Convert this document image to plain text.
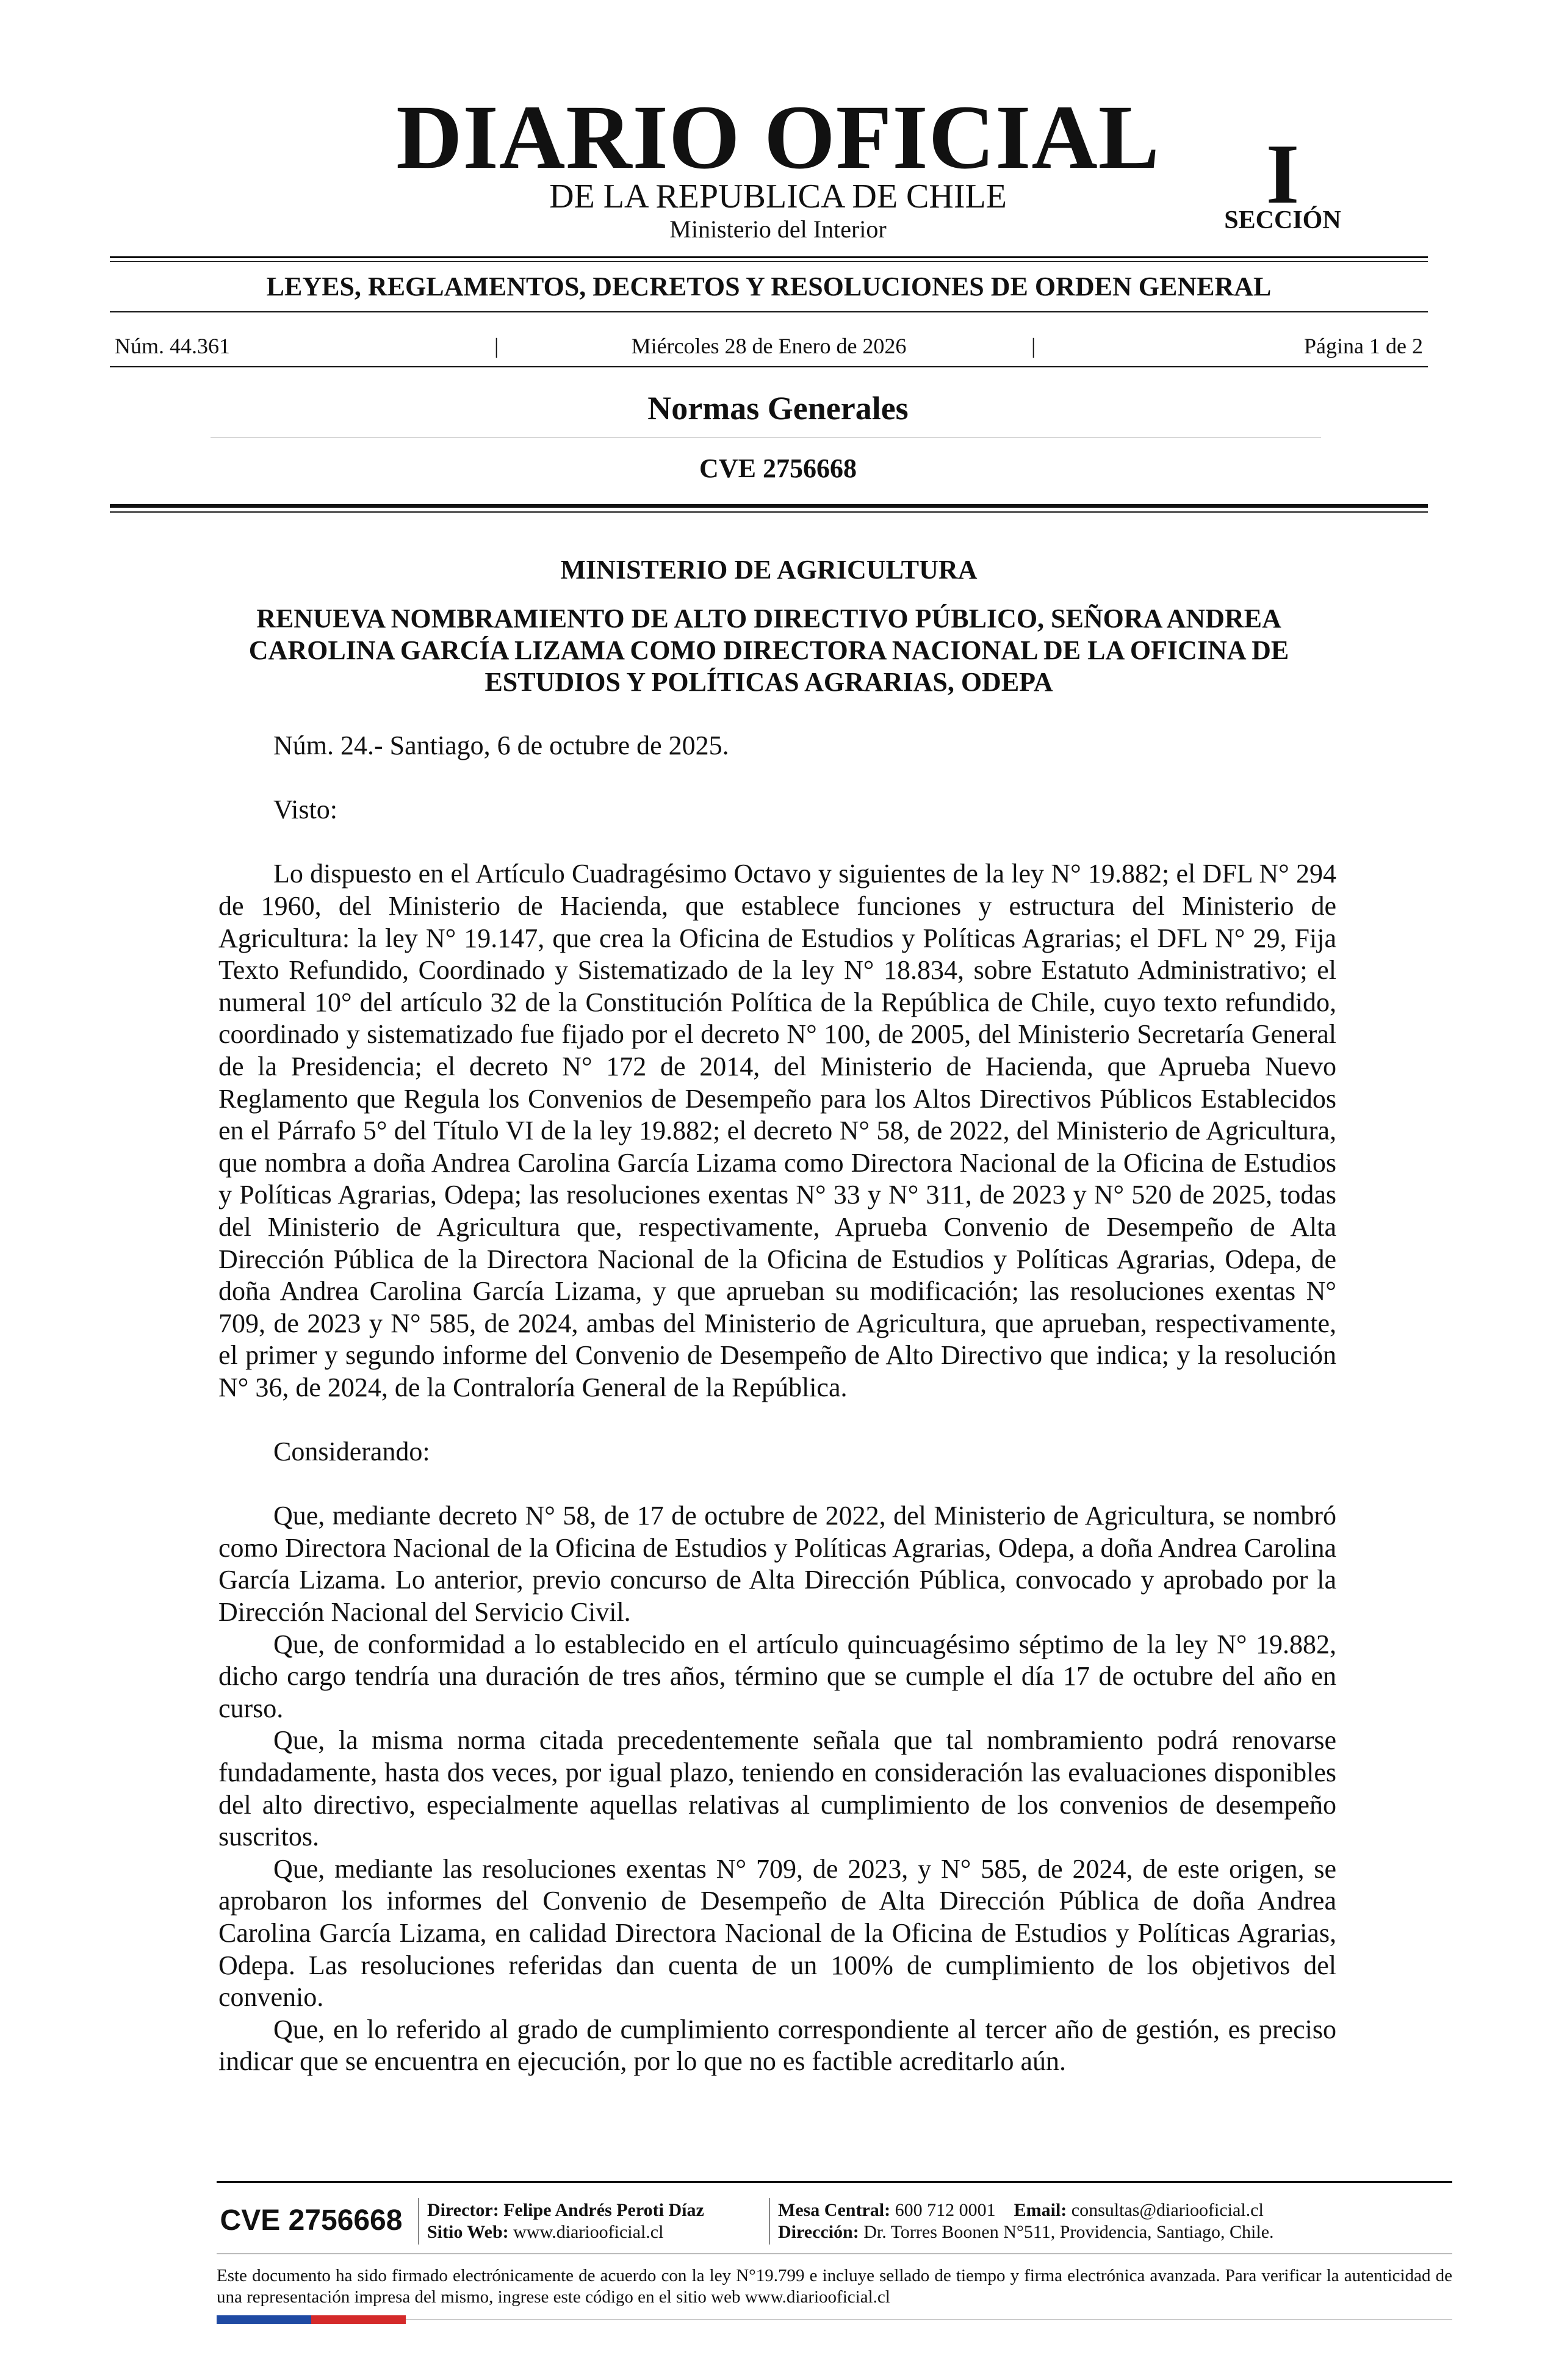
DIARIO OFICIAL
DE LA REPUBLICA DE CHILE
Ministerio del Interior
I
SECCIÓN
LEYES, REGLAMENTOS, DECRETOS Y RESOLUCIONES DE ORDEN GENERAL
Núm. 44.361	|	Miércoles 28 de Enero de 2026	|	Página 1 de 2
Normas Generales
CVE 2756668
MINISTERIO DE AGRICULTURA
RENUEVA NOMBRAMIENTO DE ALTO DIRECTIVO PÚBLICO, SEÑORA ANDREA CAROLINA GARCÍA LIZAMA COMO DIRECTORA NACIONAL DE LA OFICINA DE ESTUDIOS Y POLÍTICAS AGRARIAS, ODEPA

Núm. 24.- Santiago, 6 de octubre de 2025.

Visto:

Lo dispuesto en el Artículo Cuadragésimo Octavo y siguientes de la ley N° 19.882; el DFL N° 294 de 1960, del Ministerio de Hacienda, que establece funciones y estructura del Ministerio de Agricultura: la ley N° 19.147, que crea la Oficina de Estudios y Políticas Agrarias; el DFL N° 29, Fija Texto Refundido, Coordinado y Sistematizado de la ley N° 18.834, sobre Estatuto Administrativo; el numeral 10° del artículo 32 de la Constitución Política de la República de Chile, cuyo texto refundido, coordinado y sistematizado fue fijado por el decreto N° 100, de 2005, del Ministerio Secretaría General de la Presidencia; el decreto N° 172 de 2014, del Ministerio de Hacienda, que Aprueba Nuevo Reglamento que Regula los Convenios de Desempeño para los Altos Directivos Públicos Establecidos en el Párrafo 5° del Título VI de la ley 19.882; el decreto N° 58, de 2022, del Ministerio de Agricultura, que nombra a doña Andrea Carolina García Lizama como Directora Nacional de la Oficina de Estudios y Políticas Agrarias, Odepa; las resoluciones exentas N° 33 y N° 311, de 2023 y N° 520 de 2025, todas del Ministerio de Agricultura que, respectivamente, Aprueba Convenio de Desempeño de Alta Dirección Pública de la Directora Nacional de la Oficina de Estudios y Políticas Agrarias, Odepa, de doña Andrea Carolina García Lizama, y que aprueban su modificación; las resoluciones exentas N° 709, de 2023 y N° 585, de 2024, ambas del Ministerio de Agricultura, que aprueban, respectivamente, el primer y segundo informe del Convenio de Desempeño de Alto Directivo que indica; y la resolución N° 36, de 2024, de la Contraloría General de la República.

Considerando:

Que, mediante decreto N° 58, de 17 de octubre de 2022, del Ministerio de Agricultura, se nombró como Directora Nacional de la Oficina de Estudios y Políticas Agrarias, Odepa, a doña Andrea Carolina García Lizama. Lo anterior, previo concurso de Alta Dirección Pública, convocado y aprobado por la Dirección Nacional del Servicio Civil.

Que, de conformidad a lo establecido en el artículo quincuagésimo séptimo de la ley N° 19.882, dicho cargo tendría una duración de tres años, término que se cumple el día 17 de octubre del año en curso.

Que, la misma norma citada precedentemente señala que tal nombramiento podrá renovarse fundadamente, hasta dos veces, por igual plazo, teniendo en consideración las evaluaciones disponibles del alto directivo, especialmente aquellas relativas al cumplimiento de los convenios de desempeño suscritos.

Que, mediante las resoluciones exentas N° 709, de 2023, y N° 585, de 2024, de este origen, se aprobaron los informes del Convenio de Desempeño de Alta Dirección Pública de doña Andrea Carolina García Lizama, en calidad Directora Nacional de la Oficina de Estudios y Políticas Agrarias, Odepa. Las resoluciones referidas dan cuenta de un 100% de cumplimiento de los objetivos del convenio.

Que, en lo referido al grado de cumplimiento correspondiente al tercer año de gestión, es preciso indicar que se encuentra en ejecución, por lo que no es factible acreditarlo aún.

CVE 2756668 Director: Felipe Andrés Peroti Díaz
Sitio Web: www.diariooficial.cl
Mesa Central: 600 712 0001 Email: consultas@diariooficial.cl
Dirección: Dr. Torres Boonen N°511, Providencia, Santiago, Chile.
Este documento ha sido firmado electrónicamente de acuerdo con la ley N°19.799 e incluye sellado de tiempo y firma electrónica avanzada. Para verificar la autenticidad de una representación impresa del mismo, ingrese este código en el sitio web www.diariooficial.cl
